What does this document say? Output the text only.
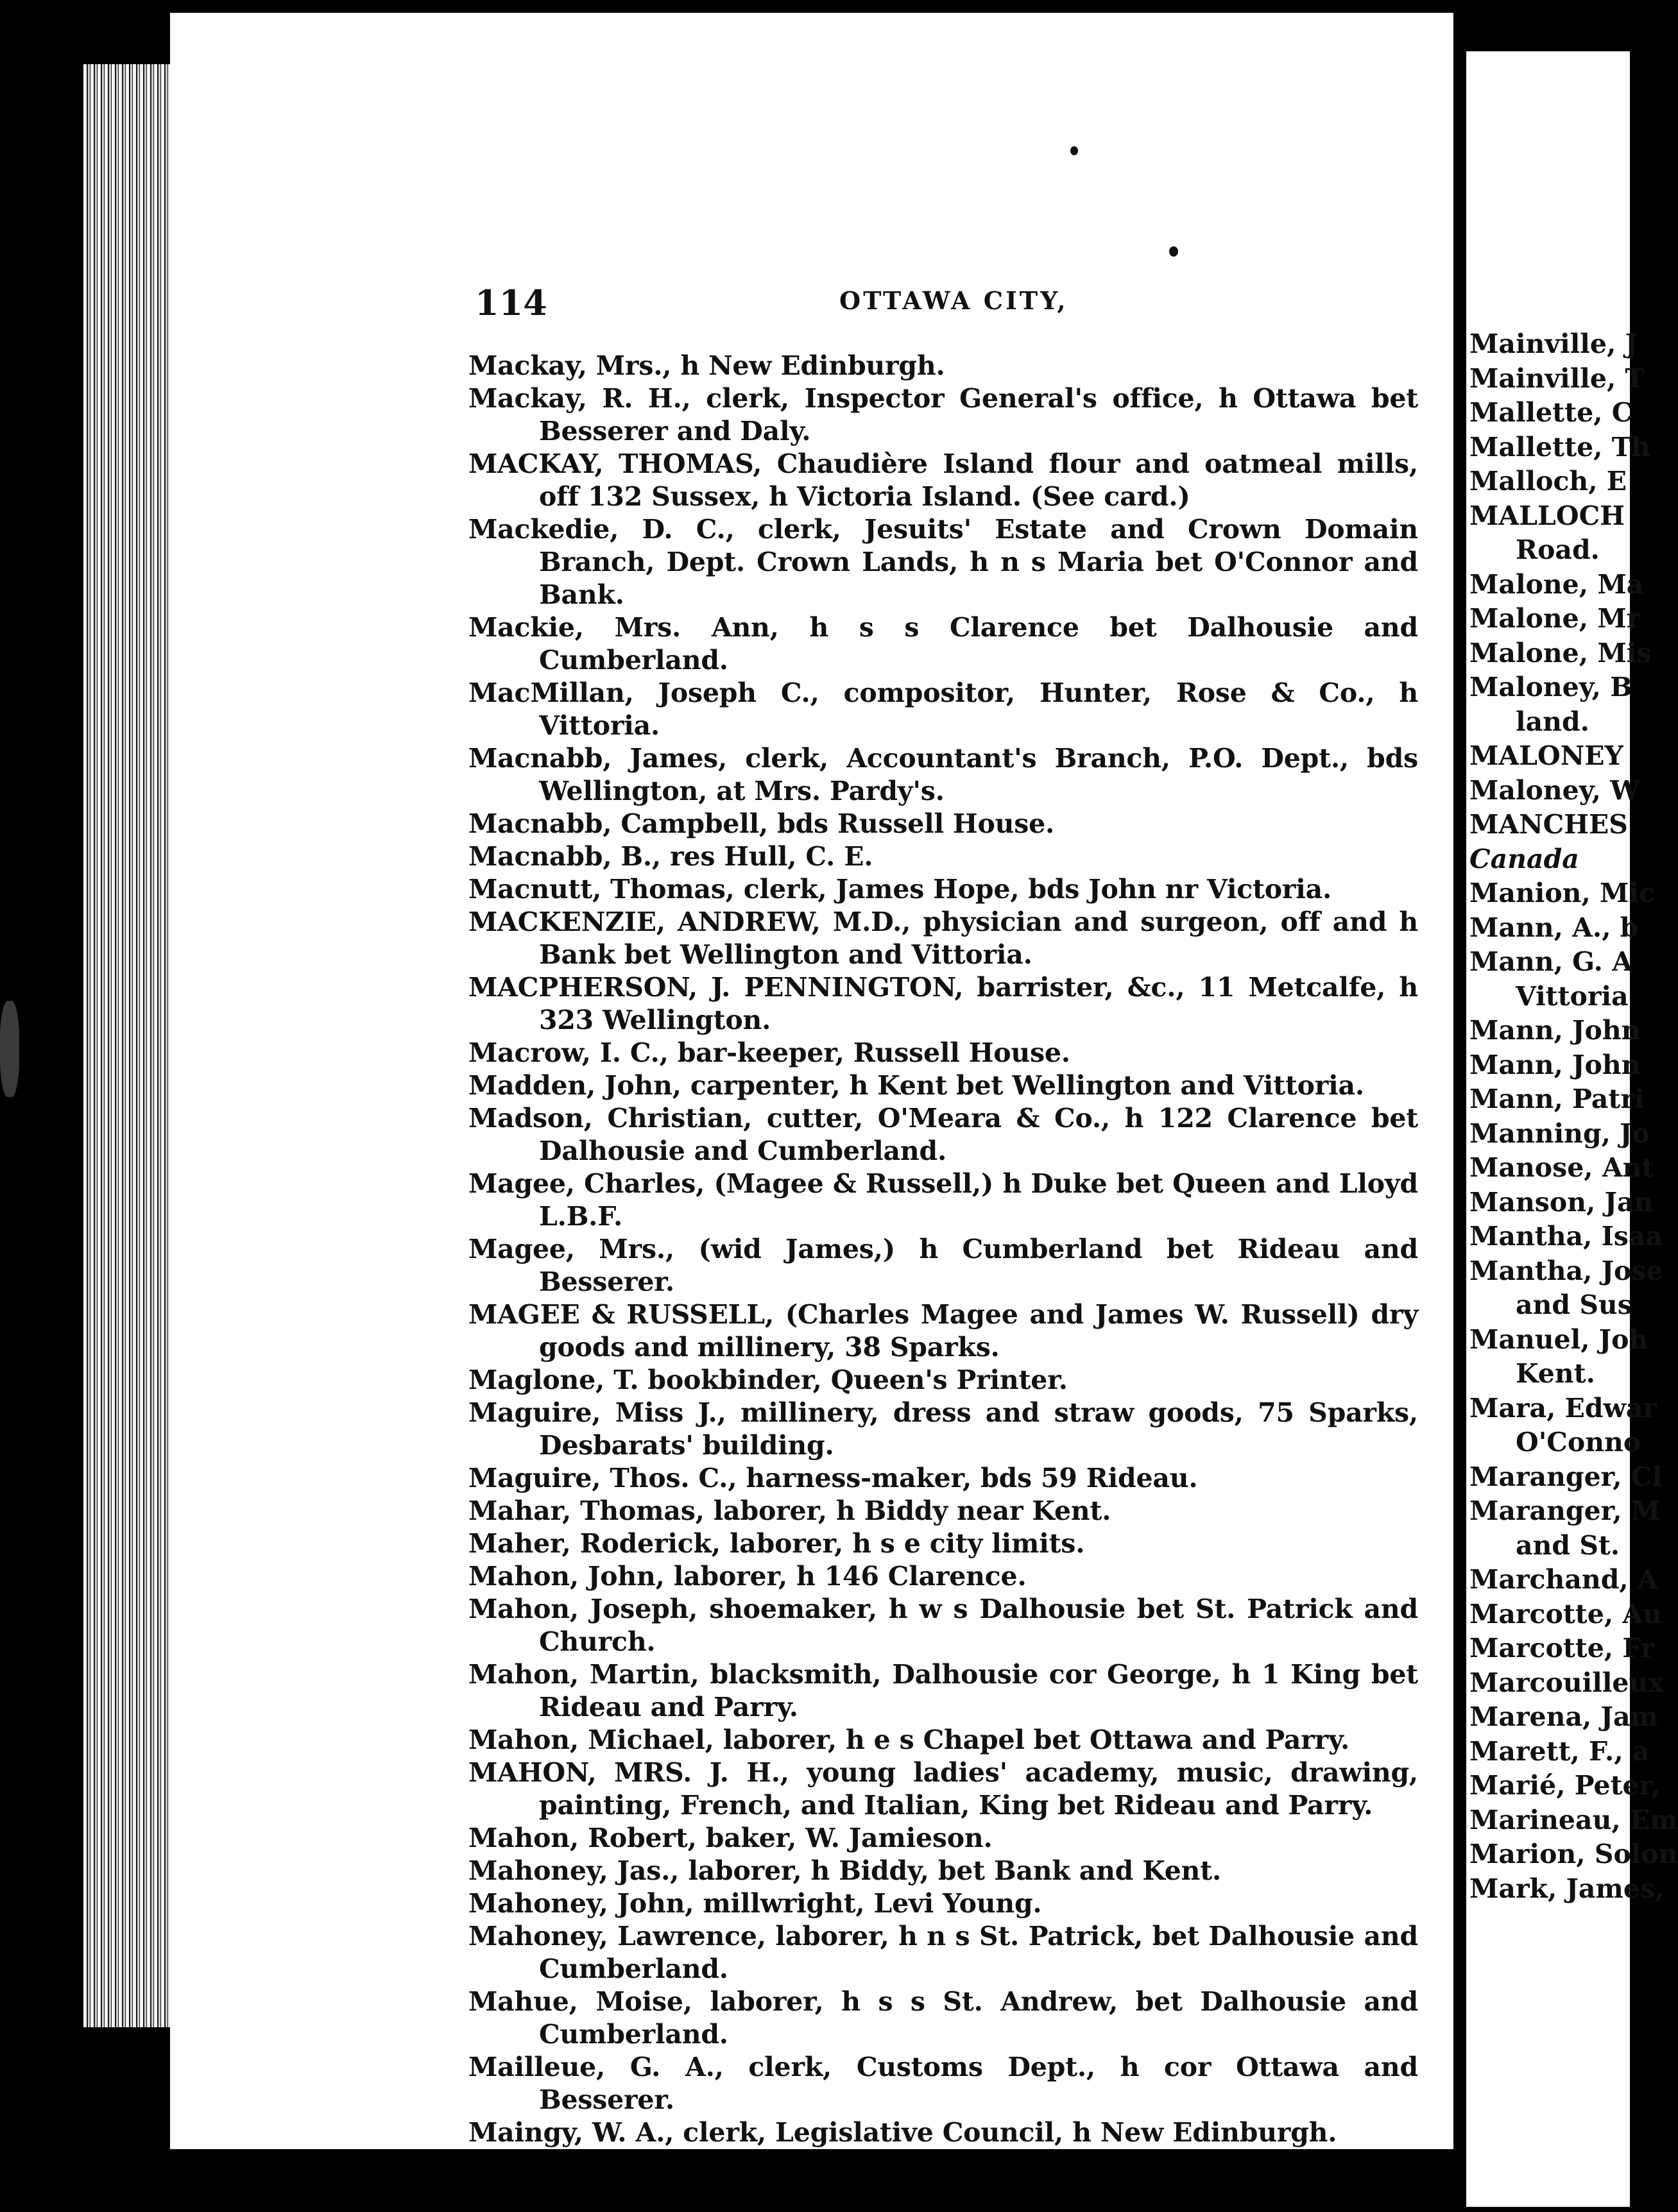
114	OTTAWA CITY,
Mackay, Mrs., h New Edinburgh.
Mackay, R. H., clerk, Inspector General's office, h Ottawa bet Besserer and Daly.
MACKAY, THOMAS, Chaudière Island flour and oatmeal mills, off 132 Sussex, h Victoria Island. (See card.)
Mackedie, D. C., clerk, Jesuits' Estate and Crown Domain Branch, Dept. Crown Lands, h n s Maria bet O'Connor and Bank.
Mackie, Mrs. Ann, h s s Clarence bet Dalhousie and Cumberland.
MacMillan, Joseph C., compositor, Hunter, Rose & Co., h Vittoria.
Macnabb, James, clerk, Accountant's Branch, P.O. Dept., bds Wellington, at Mrs. Pardy's.
Macnabb, Campbell, bds Russell House.
Macnabb, B., res Hull, C. E.
Macnutt, Thomas, clerk, James Hope, bds John nr Victoria.
MACKENZIE, ANDREW, M.D., physician and surgeon, off and h Bank bet Wellington and Vittoria.
MACPHERSON, J. PENNINGTON, barrister, &c., 11 Metcalfe, h 323 Wellington.
Macrow, I. C., bar-keeper, Russell House.
Madden, John, carpenter, h Kent bet Wellington and Vittoria.
Madson, Christian, cutter, O'Meara & Co., h 122 Clarence bet Dalhousie and Cumberland.
Magee, Charles, (Magee & Russell,) h Duke bet Queen and Lloyd L.B.F.
Magee, Mrs., (wid James,) h Cumberland bet Rideau and Besserer.
MAGEE & RUSSELL, (Charles Magee and James W. Russell) dry goods and millinery, 38 Sparks.
Maglone, T. bookbinder, Queen's Printer.
Maguire, Miss J., millinery, dress and straw goods, 75 Sparks, Desbarats' building.
Maguire, Thos. C., harness-maker, bds 59 Rideau.
Mahar, Thomas, laborer, h Biddy near Kent.
Maher, Roderick, laborer, h s e city limits.
Mahon, John, laborer, h 146 Clarence.
Mahon, Joseph, shoemaker, h w s Dalhousie bet St. Patrick and Church.
Mahon, Martin, blacksmith, Dalhousie cor George, h 1 King bet Rideau and Parry.
Mahon, Michael, laborer, h e s Chapel bet Ottawa and Parry.
MAHON, MRS. J. H., young ladies' academy, music, drawing, painting, French, and Italian, King bet Rideau and Parry.
Mahon, Robert, baker, W. Jamieson.
Mahoney, Jas., laborer, h Biddy, bet Bank and Kent.
Mahoney, John, millwright, Levi Young.
Mahoney, Lawrence, laborer, h n s St. Patrick, bet Dalhousie and Cumberland.
Mahue, Moise, laborer, h s s St. Andrew, bet Dalhousie and Cumberland.
Mailleue, G. A., clerk, Customs Dept., h cor Ottawa and Besserer.
Maingy, W. A., clerk, Legislative Council, h New Edinburgh.
Mainville, J
Mainville, T
Mallette, C
Mallette, Th
Malloch, E
MALLOCH
Road.
Malone, Ma
Malone, Mr
Malone, Mis
Maloney, B
land.
MALONEY
Maloney, W
MANCHES
Canada
Manion, Mic
Mann, A., b
Mann, G. A
Vittoria
Mann, John
Mann, John
Mann, Patri
Manning, Jo
Manose, Ant
Manson, Jan
Mantha, Isaa
Mantha, Jose
and Sus
Manuel, Joh
Kent.
Mara, Edwar
O'Conno
Maranger, Cl
Maranger, M
and St.
Marchand, A
Marcotte, Au
Marcotte, Fr
Marcouilleux
Marena, Jam
Marett, F., a
Marié, Peter,
Marineau, Em
Marion, Solon
Mark, James,
